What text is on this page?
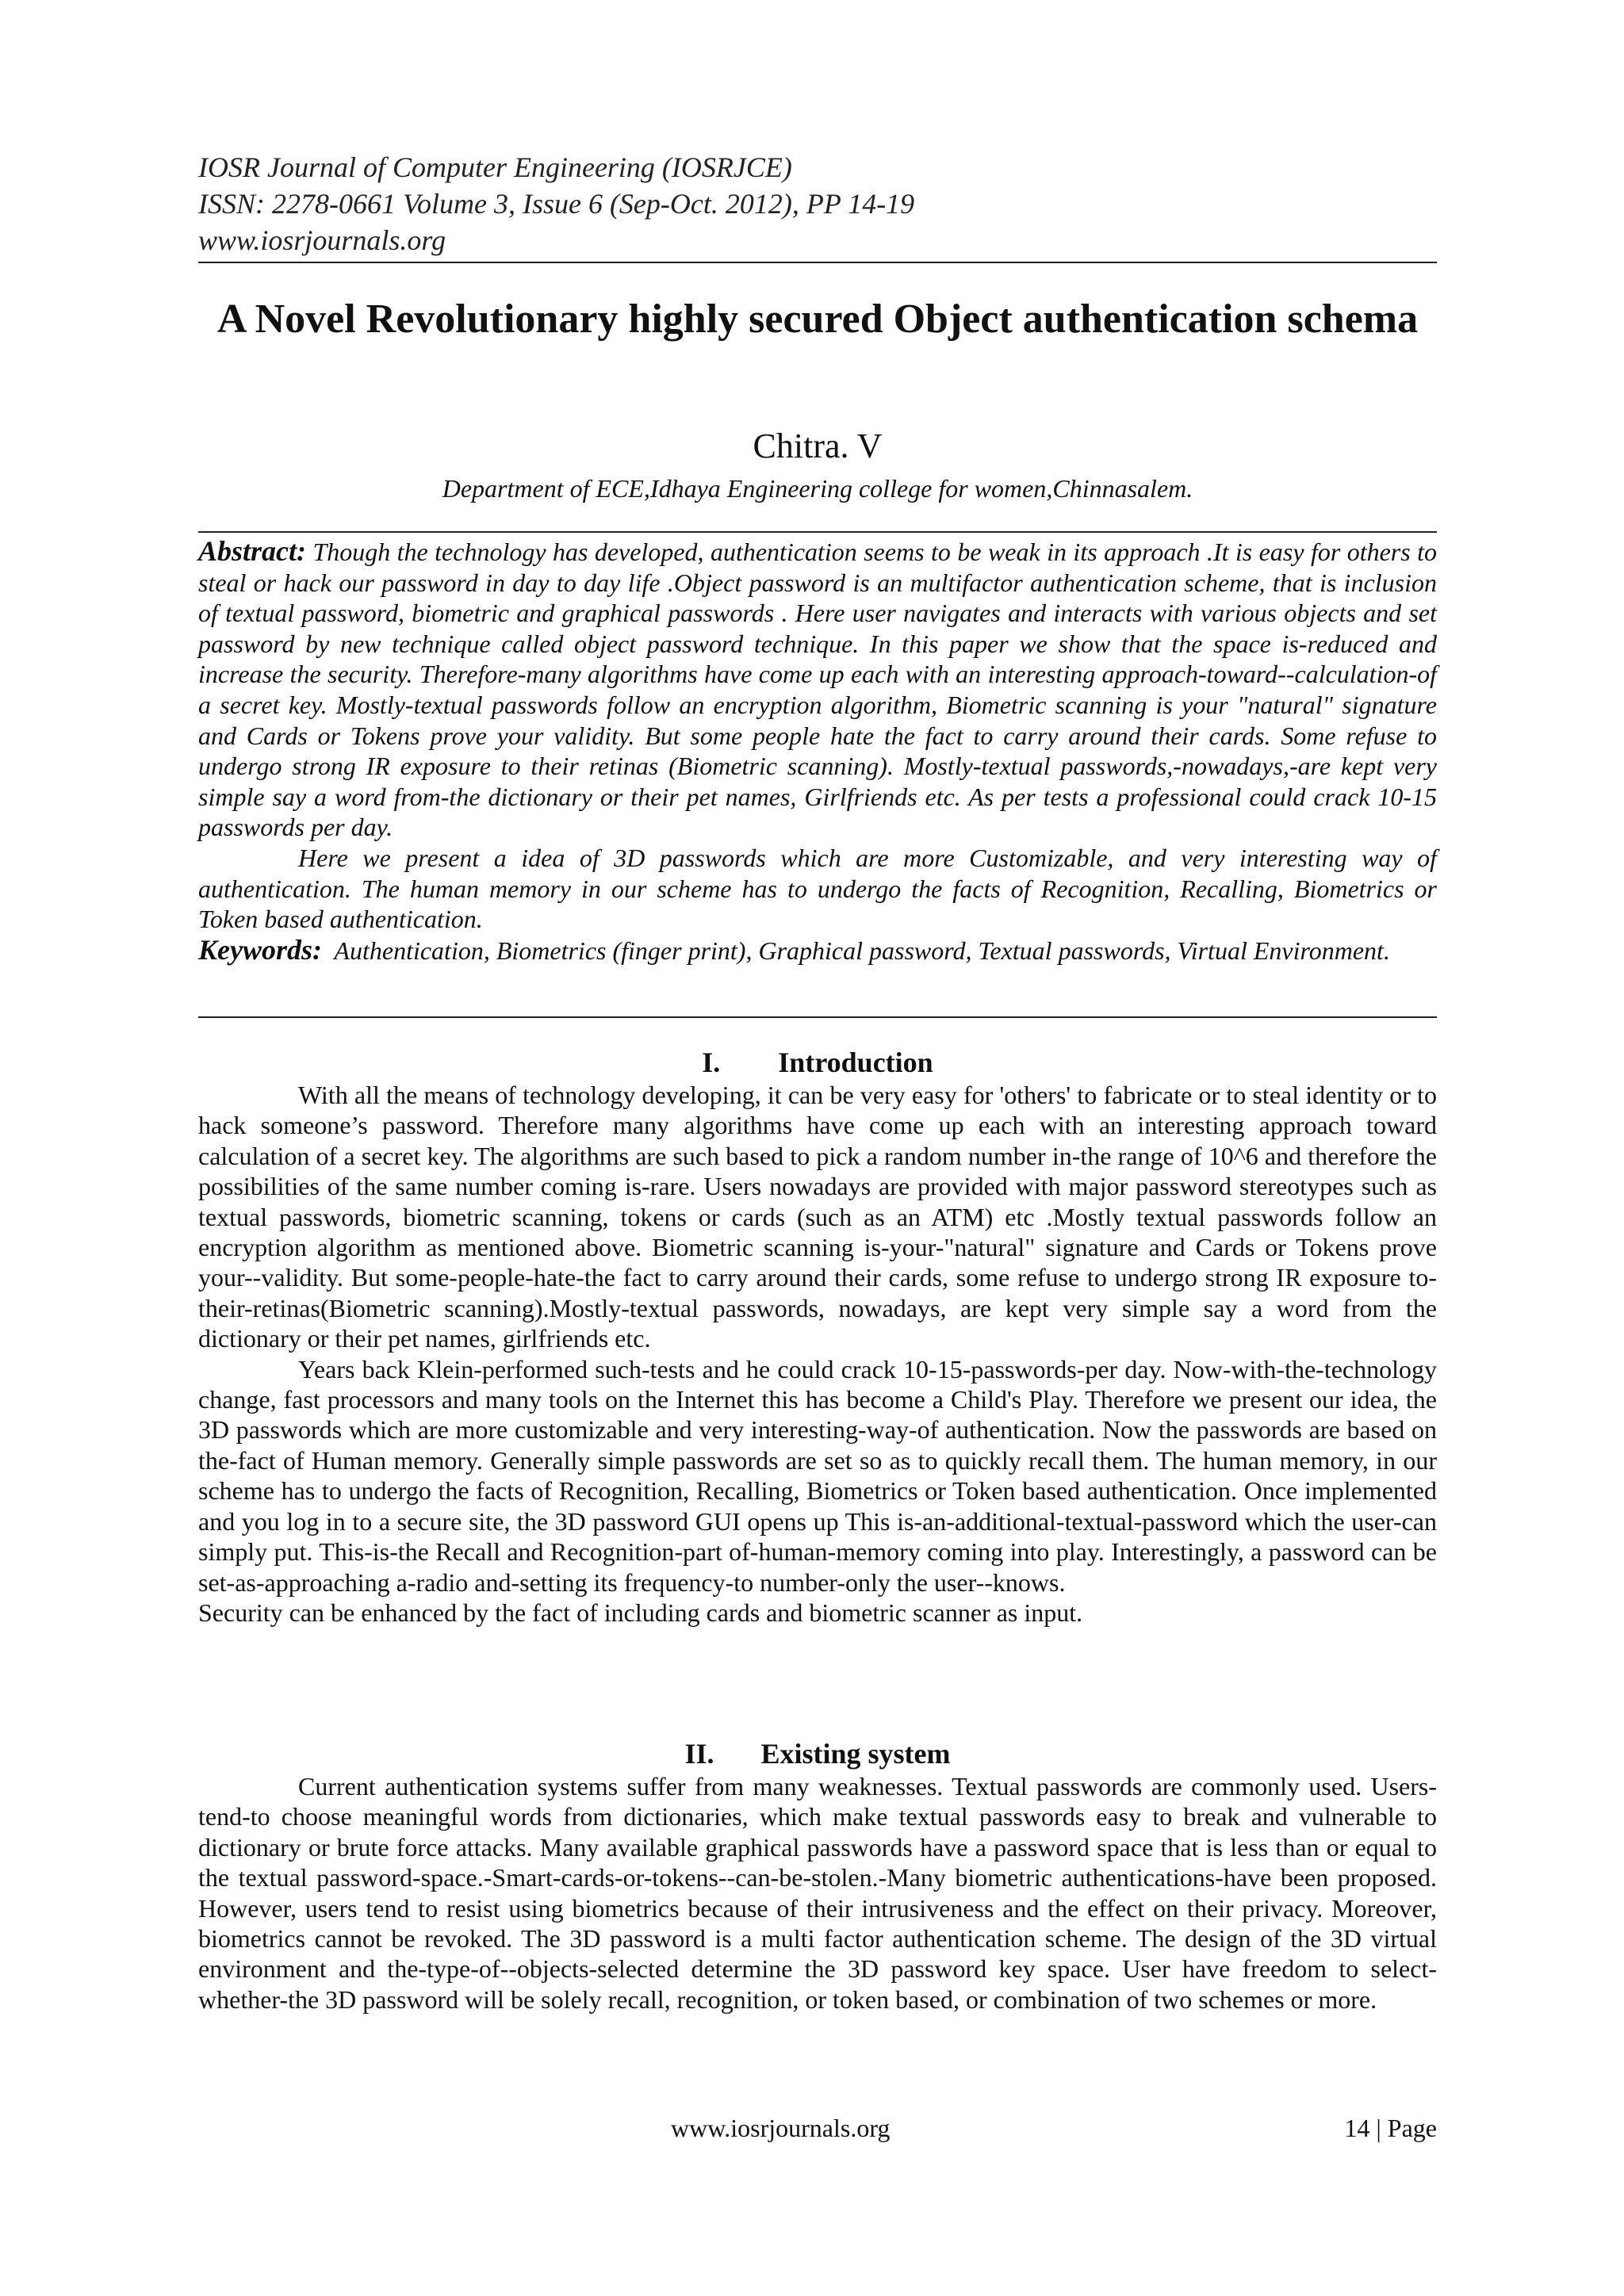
IOSR Journal of Computer Engineering (IOSRJCE)
ISSN: 2278-0661 Volume 3, Issue 6 (Sep-Oct. 2012), PP 14-19
www.iosrjournals.org
A Novel Revolutionary highly secured Object authentication schema
Chitra. V
Department of ECE,Idhaya Engineering college for women,Chinnasalem.

Abstract: Though the technology has developed, authentication seems to be weak in its approach .It is easy for others to steal or hack our password in day to day life .Object password is an multifactor authentication scheme, that is inclusion of textual password, biometric and graphical passwords . Here user navigates and interacts with various objects and set password by new technique called object password technique. In this paper we show that the space is-reduced and increase the security. Therefore-many algorithms have come up each with an interesting approach-toward--calculation-of a secret key. Mostly-textual passwords follow an encryption algorithm, Biometric scanning is your "natural" signature and Cards or Tokens prove your validity. But some people hate the fact to carry around their cards. Some refuse to undergo strong IR exposure to their retinas (Biometric scanning). Mostly-textual passwords,-nowadays,-are kept very simple say a word from-the dictionary or their pet names, Girlfriends etc. As per tests a professional could crack 10-15 passwords per day.

Here we present a idea of 3D passwords which are more Customizable, and very interesting way of authentication. The human memory in our scheme has to undergo the facts of Recognition, Recalling, Biometrics or Token based authentication.

Keywords: Authentication, Biometrics (finger print), Graphical password, Textual passwords, Virtual Environment.

I. Introduction

With all the means of technology developing, it can be very easy for 'others' to fabricate or to steal identity or to hack someone’s password. Therefore many algorithms have come up each with an interesting approach toward calculation of a secret key. The algorithms are such based to pick a random number in-the range of 10^6 and therefore the possibilities of the same number coming is-rare. Users nowadays are provided with major password stereotypes such as textual passwords, biometric scanning, tokens or cards (such as an ATM) etc .Mostly textual passwords follow an encryption algorithm as mentioned above. Biometric scanning is-your-"natural" signature and Cards or Tokens prove your--validity. But some-people-hate-the fact to carry around their cards, some refuse to undergo strong IR exposure to-their-retinas(Biometric scanning).Mostly-textual passwords, nowadays, are kept very simple say a word from the dictionary or their pet names, girlfriends etc.

Years back Klein-performed such-tests and he could crack 10-15-passwords-per day. Now-with-the-technology change, fast processors and many tools on the Internet this has become a Child's Play. Therefore we present our idea, the 3D passwords which are more customizable and very interesting-way-of authentication. Now the passwords are based on the-fact of Human memory. Generally simple passwords are set so as to quickly recall them. The human memory, in our scheme has to undergo the facts of Recognition, Recalling, Biometrics or Token based authentication. Once implemented and you log in to a secure site, the 3D password GUI opens up This is-an-additional-textual-password which the user-can simply put. This-is-the Recall and Recognition-part of-human-memory coming into play. Interestingly, a password can be set-as-approaching a-radio and-setting its frequency-to number-only the user--knows.

Security can be enhanced by the fact of including cards and biometric scanner as input.

II. Existing system

Current authentication systems suffer from many weaknesses. Textual passwords are commonly used. Users-tend-to choose meaningful words from dictionaries, which make textual passwords easy to break and vulnerable to dictionary or brute force attacks. Many available graphical passwords have a password space that is less than or equal to the textual password-space.-Smart-cards-or-tokens--can-be-stolen.-Many biometric authentications-have been proposed. However, users tend to resist using biometrics because of their intrusiveness and the effect on their privacy. Moreover, biometrics cannot be revoked. The 3D password is a multi factor authentication scheme. The design of the 3D virtual environment and the-type-of--objects-selected determine the 3D password key space. User have freedom to select-whether-the 3D password will be solely recall, recognition, or token based, or combination of two schemes or more.

www.iosrjournals.org	14 | Page
